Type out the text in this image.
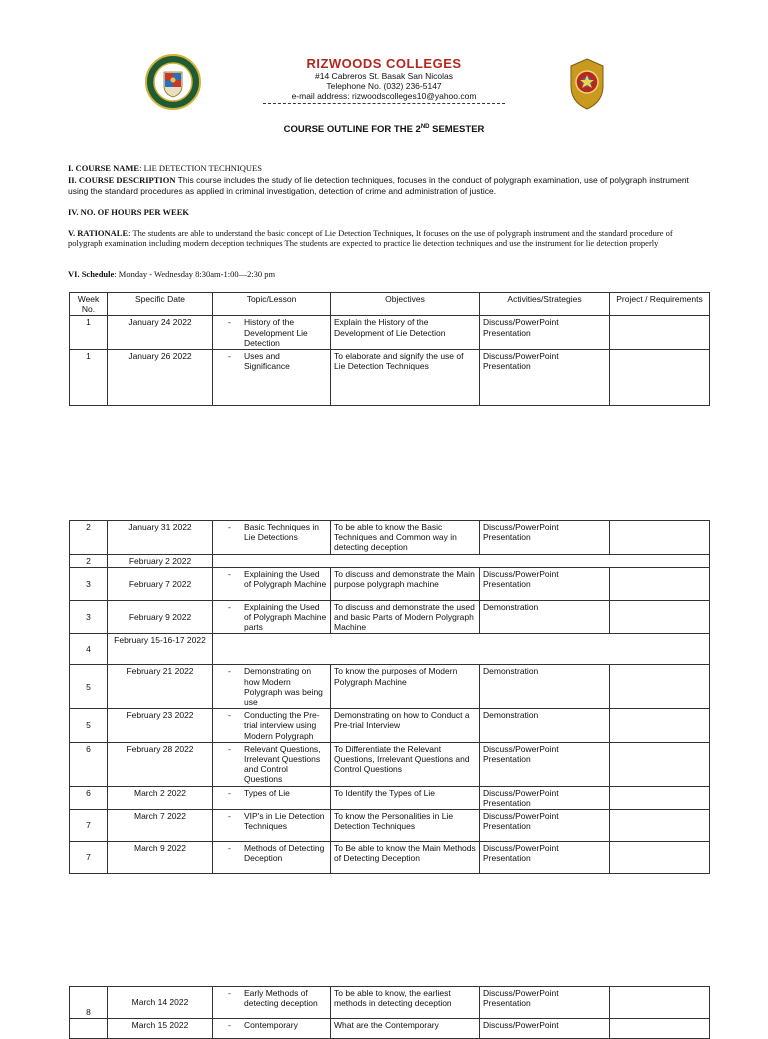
RIZWOODS COLLEGES
#14 Cabreros St. Basak San Nicolas
Telephone No. (032) 236-5147
e-mail address: rizwoodscolleges10@yahoo.com
COURSE OUTLINE FOR THE 2ND SEMESTER
I. COURSE NAME: LIE DETECTION TECHNIQUES
II. COURSE DESCRIPTION This course includes the study of lie detection techniques, focuses in the conduct of polygraph examination, use of polygraph instrument using the standard procedures as applied in criminal investigation, detection of crime and administration of justice.
IV. NO. OF HOURS PER WEEK
V. RATIONALE: The students are able to understand the basic concept of Lie Detection Techniques, It focuses on the use of polygraph instrument and the standard procedure of polygraph examination including modern deception techniques The students are expected to practice lie detection techniques and use the instrument for lie detection properly
VI. Schedule: Monday - Wednesday 8:30am-1:00—2:30 pm
Week No.	Specific Date	Topic/Lesson	Objectives	Activities/Strategies	Project / Requirements
1	January 24 2022	- History of the Development Lie Detection	Explain the History of the Development of Lie Detection	Discuss/PowerPoint Presentation	
1	January 26 2022	- Uses and Significance	To elaborate and signify the use of Lie Detection Techniques	Discuss/PowerPoint Presentation	
2	January 31 2022	- Basic Techniques in Lie Detections	To be able to know the Basic Techniques and Common way in detecting deception	Discuss/PowerPoint Presentation	
2	February 2 2022				
3	February 7 2022	- Explaining the Used of Polygraph Machine	To discuss and demonstrate the Main purpose polygraph machine	Discuss/PowerPoint Presentation	
3	February 9 2022	- Explaining the Used of Polygraph Machine parts	To discuss and demonstrate the used and basic Parts of Modern Polygraph Machine	Demonstration	
4	February 15-16-17 2022				
5	February 21 2022	- Demonstrating on how Modern Polygraph was being use	To know the purposes of Modern Polygraph Machine	Demonstration	
5	February 23 2022	- Conducting the Pre-trial interview using Modern Polygraph	Demonstrating on how to Conduct a Pre-trial Interview	Demonstration	
6	February 28 2022	- Relevant Questions, Irrelevant Questions and Control Questions	To Differentiate the Relevant Questions, Irrelevant Questions and Control Questions	Discuss/PowerPoint Presentation	
6	March 2 2022	- Types of Lie	To Identify the Types of Lie	Discuss/PowerPoint Presentation	
7	March 7 2022	- VIP's in Lie Detection Techniques	To know the Personalities in Lie Detection Techniques	Discuss/PowerPoint Presentation	
7	March 9 2022	- Methods of Detecting Deception	To Be able to know the Main Methods of Detecting Deception	Discuss/PowerPoint Presentation	
8	March 14 2022	- Early Methods of detecting deception	To be able to know, the earliest methods in detecting deception	Discuss/PowerPoint Presentation	
	March 15 2022	- Contemporary	What are the Contemporary	Discuss/PowerPoint	
